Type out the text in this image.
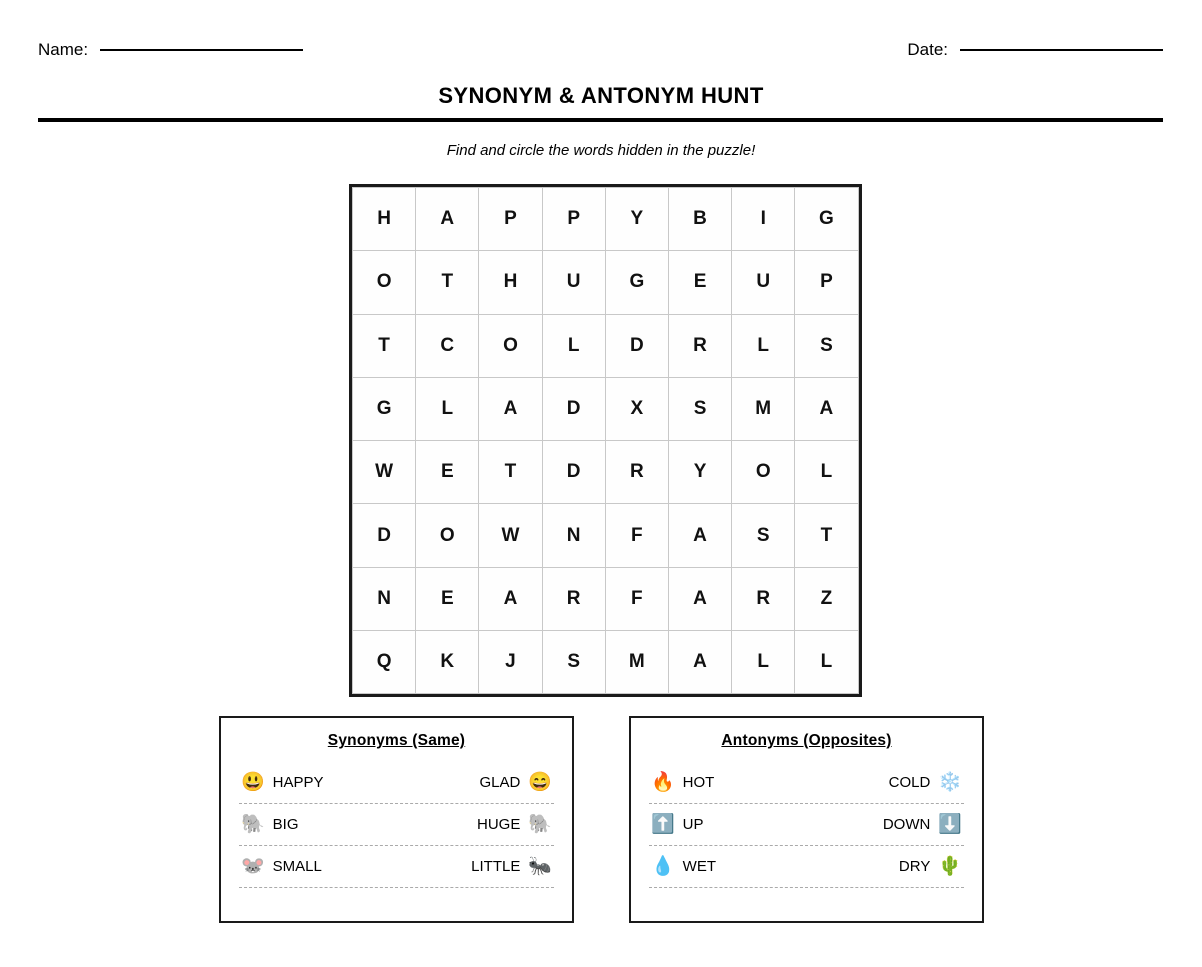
Name:	Date:
SYNONYM & ANTONYM HUNT
Find and circle the words hidden in the puzzle!
H	A	P	P	Y	B	I	G
O	T	H	U	G	E	U	P
T	C	O	L	D	R	L	S
G	L	A	D	X	S	M	A
W	E	T	D	R	Y	O	L
D	O	W	N	F	A	S	T
N	E	A	R	F	A	R	Z
Q	K	J	S	M	A	L	L
Synonyms (Same)
😃 HAPPY	GLAD 😄
🐘 BIG	HUGE 🐘
🐭 SMALL	LITTLE 🐜
Antonyms (Opposites)
🔥 HOT	COLD ❄️
⬆️ UP	DOWN ⬇️
💧 WET	DRY 🌵
